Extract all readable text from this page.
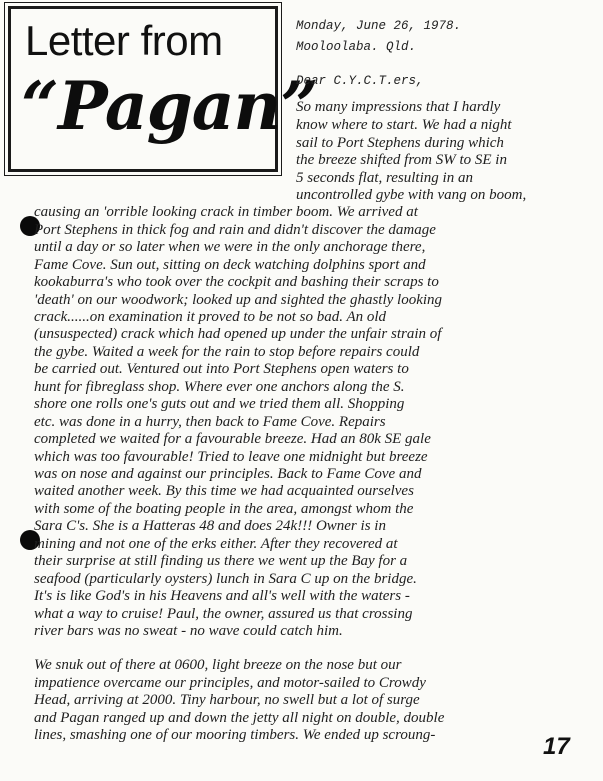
Letter from
“Pagan”
Monday, June 26, 1978.
Mooloolaba. Qld.
Dear C.Y.C.T.ers,
So many impressions that I hardly
know where to start. We had a night
sail to Port Stephens during which
the breeze shifted from SW to SE in
5 seconds flat, resulting in an
uncontrolled gybe with vang on boom,
causing an 'orrible looking crack in timber boom. We arrived at
Port Stephens in thick fog and rain and didn't discover the damage
until a day or so later when we were in the only anchorage there,
Fame Cove. Sun out, sitting on deck watching dolphins sport and
kookaburra's who took over the cockpit and bashing their scraps to
'death' on our woodwork; looked up and sighted the ghastly looking
crack......on examination it proved to be not so bad. An old
(unsuspected) crack which had opened up under the unfair strain of
the gybe. Waited a week for the rain to stop before repairs could
be carried out. Ventured out into Port Stephens open waters to
hunt for fibreglass shop. Where ever one anchors along the S.
shore one rolls one's guts out and we tried them all. Shopping
etc. was done in a hurry, then back to Fame Cove. Repairs
completed we waited for a favourable breeze. Had an 80k SE gale
which was too favourable! Tried to leave one midnight but breeze
was on nose and against our principles. Back to Fame Cove and
waited another week. By this time we had acquainted ourselves
with some of the boating people in the area, amongst whom the
Sara C's. She is a Hatteras 48 and does 24k!!! Owner is in
mining and not one of the erks either. After they recovered at
their surprise at still finding us there we went up the Bay for a
seafood (particularly oysters) lunch in Sara C up on the bridge.
It's is like God's in his Heavens and all's well with the waters -
what a way to cruise! Paul, the owner, assured us that crossing
river bars was no sweat - no wave could catch him.
We snuk out of there at 0600, light breeze on the nose but our
impatience overcame our principles, and motor-sailed to Crowdy
Head, arriving at 2000. Tiny harbour, no swell but a lot of surge
and Pagan ranged up and down the jetty all night on double, double
lines, smashing one of our mooring timbers. We ended up scroung-	17
